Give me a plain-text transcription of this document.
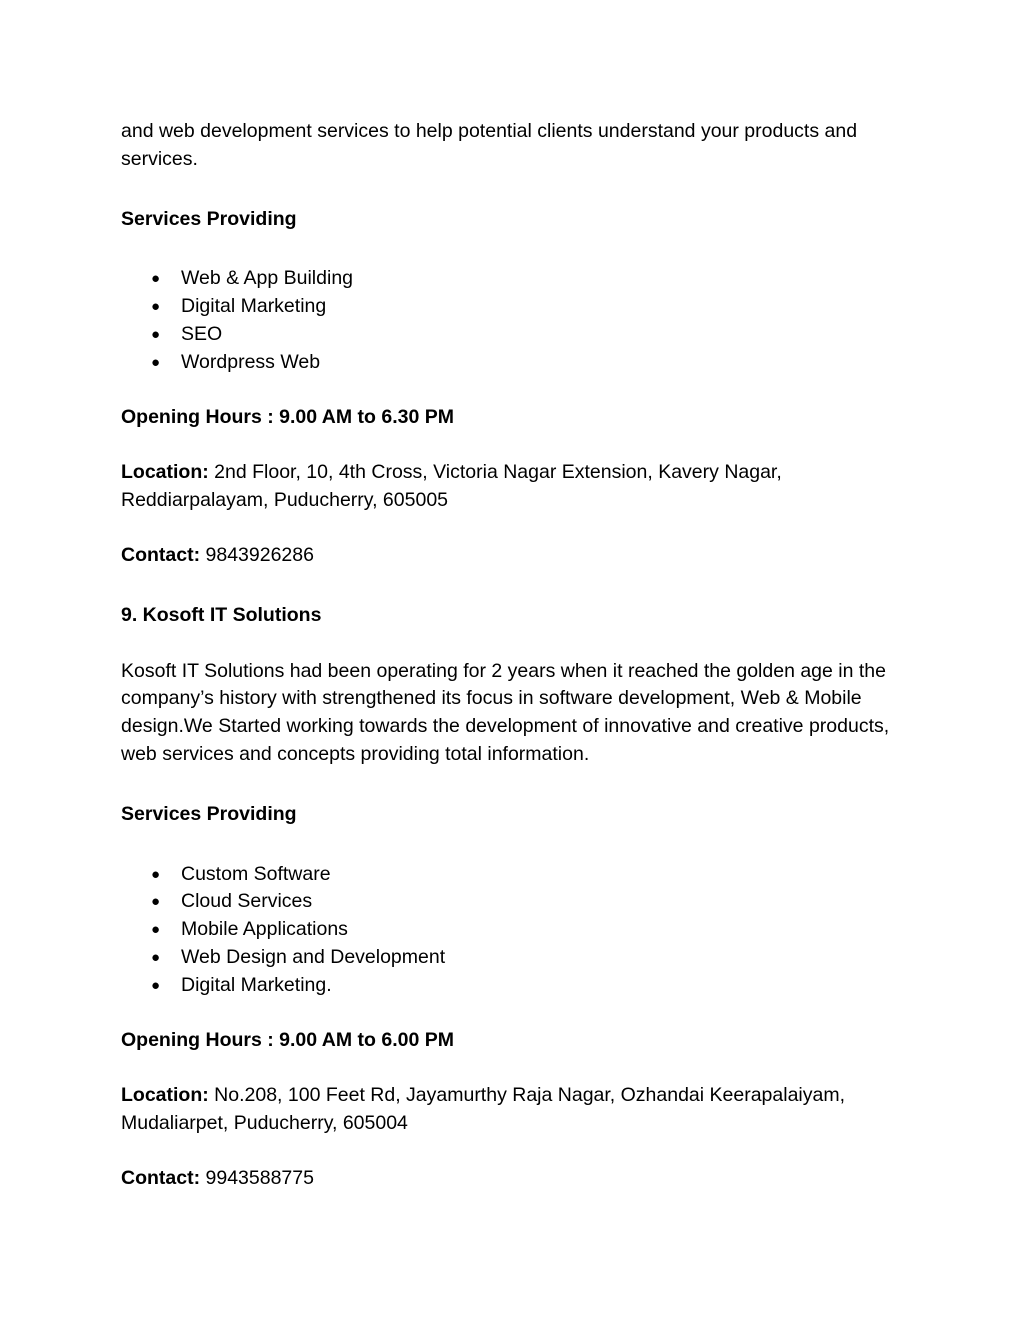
and web development services to help potential clients understand your products and services.

Services Providing

● Web & App Building
● Digital Marketing
● SEO
● Wordpress Web

Opening Hours : 9.00 AM to 6.30 PM

Location: 2nd Floor, 10, 4th Cross, Victoria Nagar Extension, Kavery Nagar, Reddiarpalayam, Puducherry, 605005

Contact: 9843926286

9. Kosoft IT Solutions

Kosoft IT Solutions had been operating for 2 years when it reached the golden age in the company’s history with strengthened its focus in software development, Web & Mobile design.We Started working towards the development of innovative and creative products, web services and concepts providing total information.

Services Providing

● Custom Software
● Cloud Services
● Mobile Applications
● Web Design and Development
● Digital Marketing.

Opening Hours : 9.00 AM to 6.00 PM

Location: No.208, 100 Feet Rd, Jayamurthy Raja Nagar, Ozhandai Keerapalaiyam, Mudaliarpet, Puducherry, 605004

Contact: 9943588775
